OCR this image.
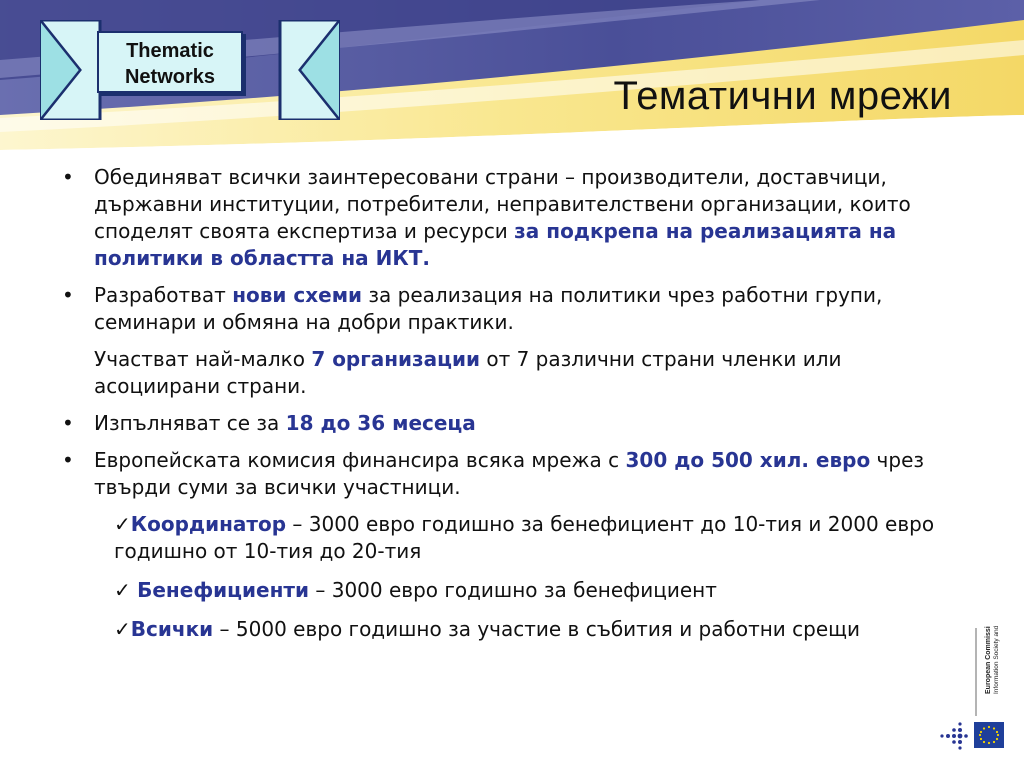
Thematic
Networks	Тематични мрежи
• Обединяват всички заинтересовани страни – производители, доставчици, държавни институции, потребители, неправителствени организации, които споделят своята експертиза и ресурси за подкрепа на реализацията на политики в областта на ИКТ.
• Разработват нови схеми за реализация на политики чрез работни групи, семинари и обмяна на добри практики.
Участват най-малко 7 организации от 7 различни страни членки или асоциирани страни.
• Изпълняват се за 18 до 36 месеца
• Европейската комисия финансира всяка мрежа с 300 до 500 хил. евро чрез твърди суми за всички участници.
✓Координатор – 3000 евро годишно за бенефициент до 10-тия и 2000 евро     годишно от 10-тия до 20-тия
✓ Бенефициенти – 3000 евро годишно за бенефициент
✓Всички – 5000 евро годишно за участие в събития и работни срещи	European Commission Information Society and Media
